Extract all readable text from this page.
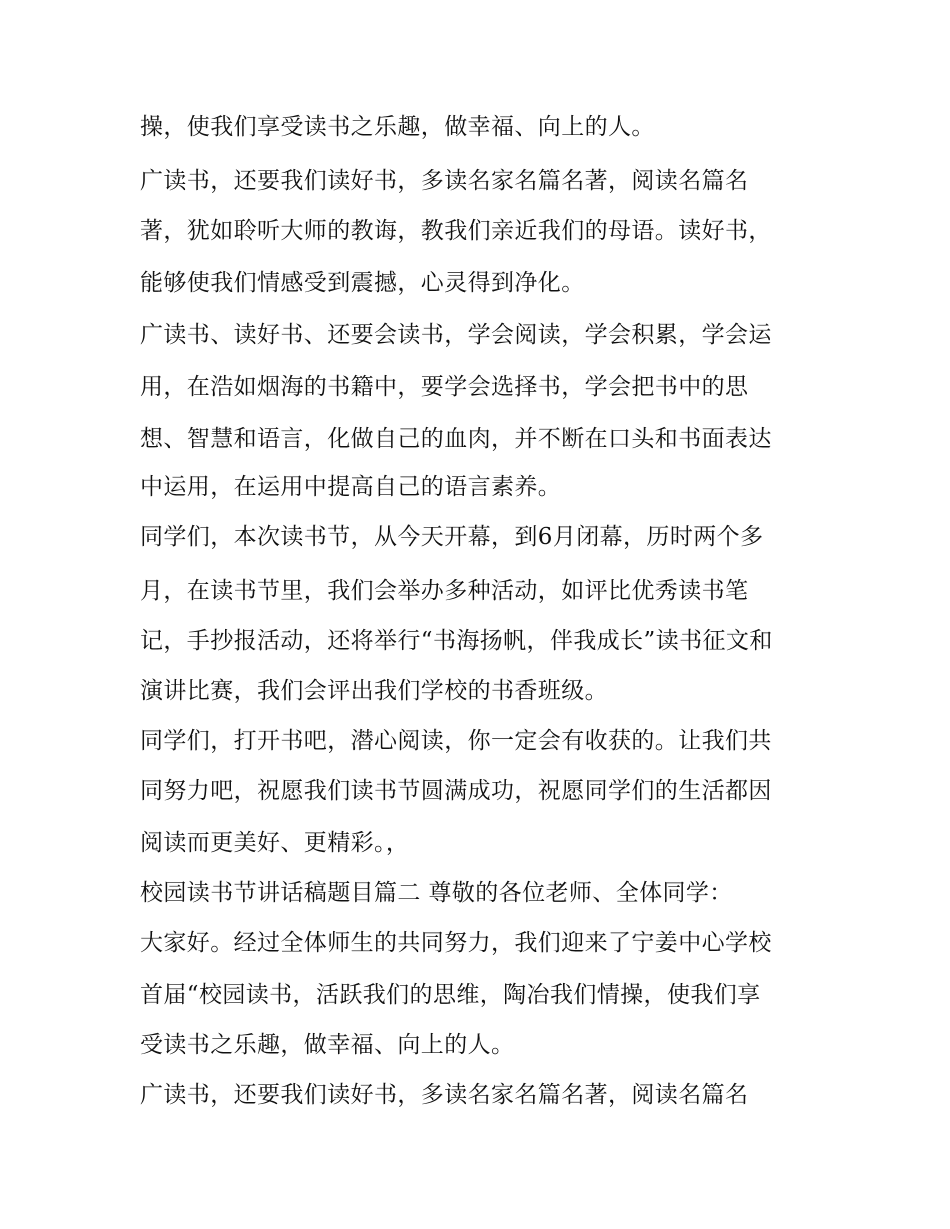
操，使我们享受读书之乐趣，做幸福、向上的人。
广读书，还要我们读好书，多读名家名篇名著，阅读名篇名
著，犹如聆听大师的教诲，教我们亲近我们的母语。读好书，
能够使我们情感受到震撼，心灵得到净化。
广读书、读好书、还要会读书，学会阅读，学会积累，学会运
用，在浩如烟海的书籍中，要学会选择书，学会把书中的思
想、智慧和语言，化做自己的血肉，并不断在口头和书面表达
中运用，在运用中提高自己的语言素养。
同学们，本次读书节，从今天开幕，到6月闭幕，历时两个多
月，在读书节里，我们会举办多种活动，如评比优秀读书笔
记，手抄报活动，还将举行“书海扬帆，伴我成长”读书征文和
演讲比赛，我们会评出我们学校的书香班级。
同学们，打开书吧，潜心阅读，你一定会有收获的。让我们共
同努力吧，祝愿我们读书节圆满成功，祝愿同学们的生活都因
阅读而更美好、更精彩。，
校园读书节讲话稿题目篇二 尊敬的各位老师、全体同学：
大家好。经过全体师生的共同努力，我们迎来了宁姜中心学校
首届“校园读书，活跃我们的思维，陶冶我们情操，使我们享
受读书之乐趣，做幸福、向上的人。
广读书，还要我们读好书，多读名家名篇名著，阅读名篇名
